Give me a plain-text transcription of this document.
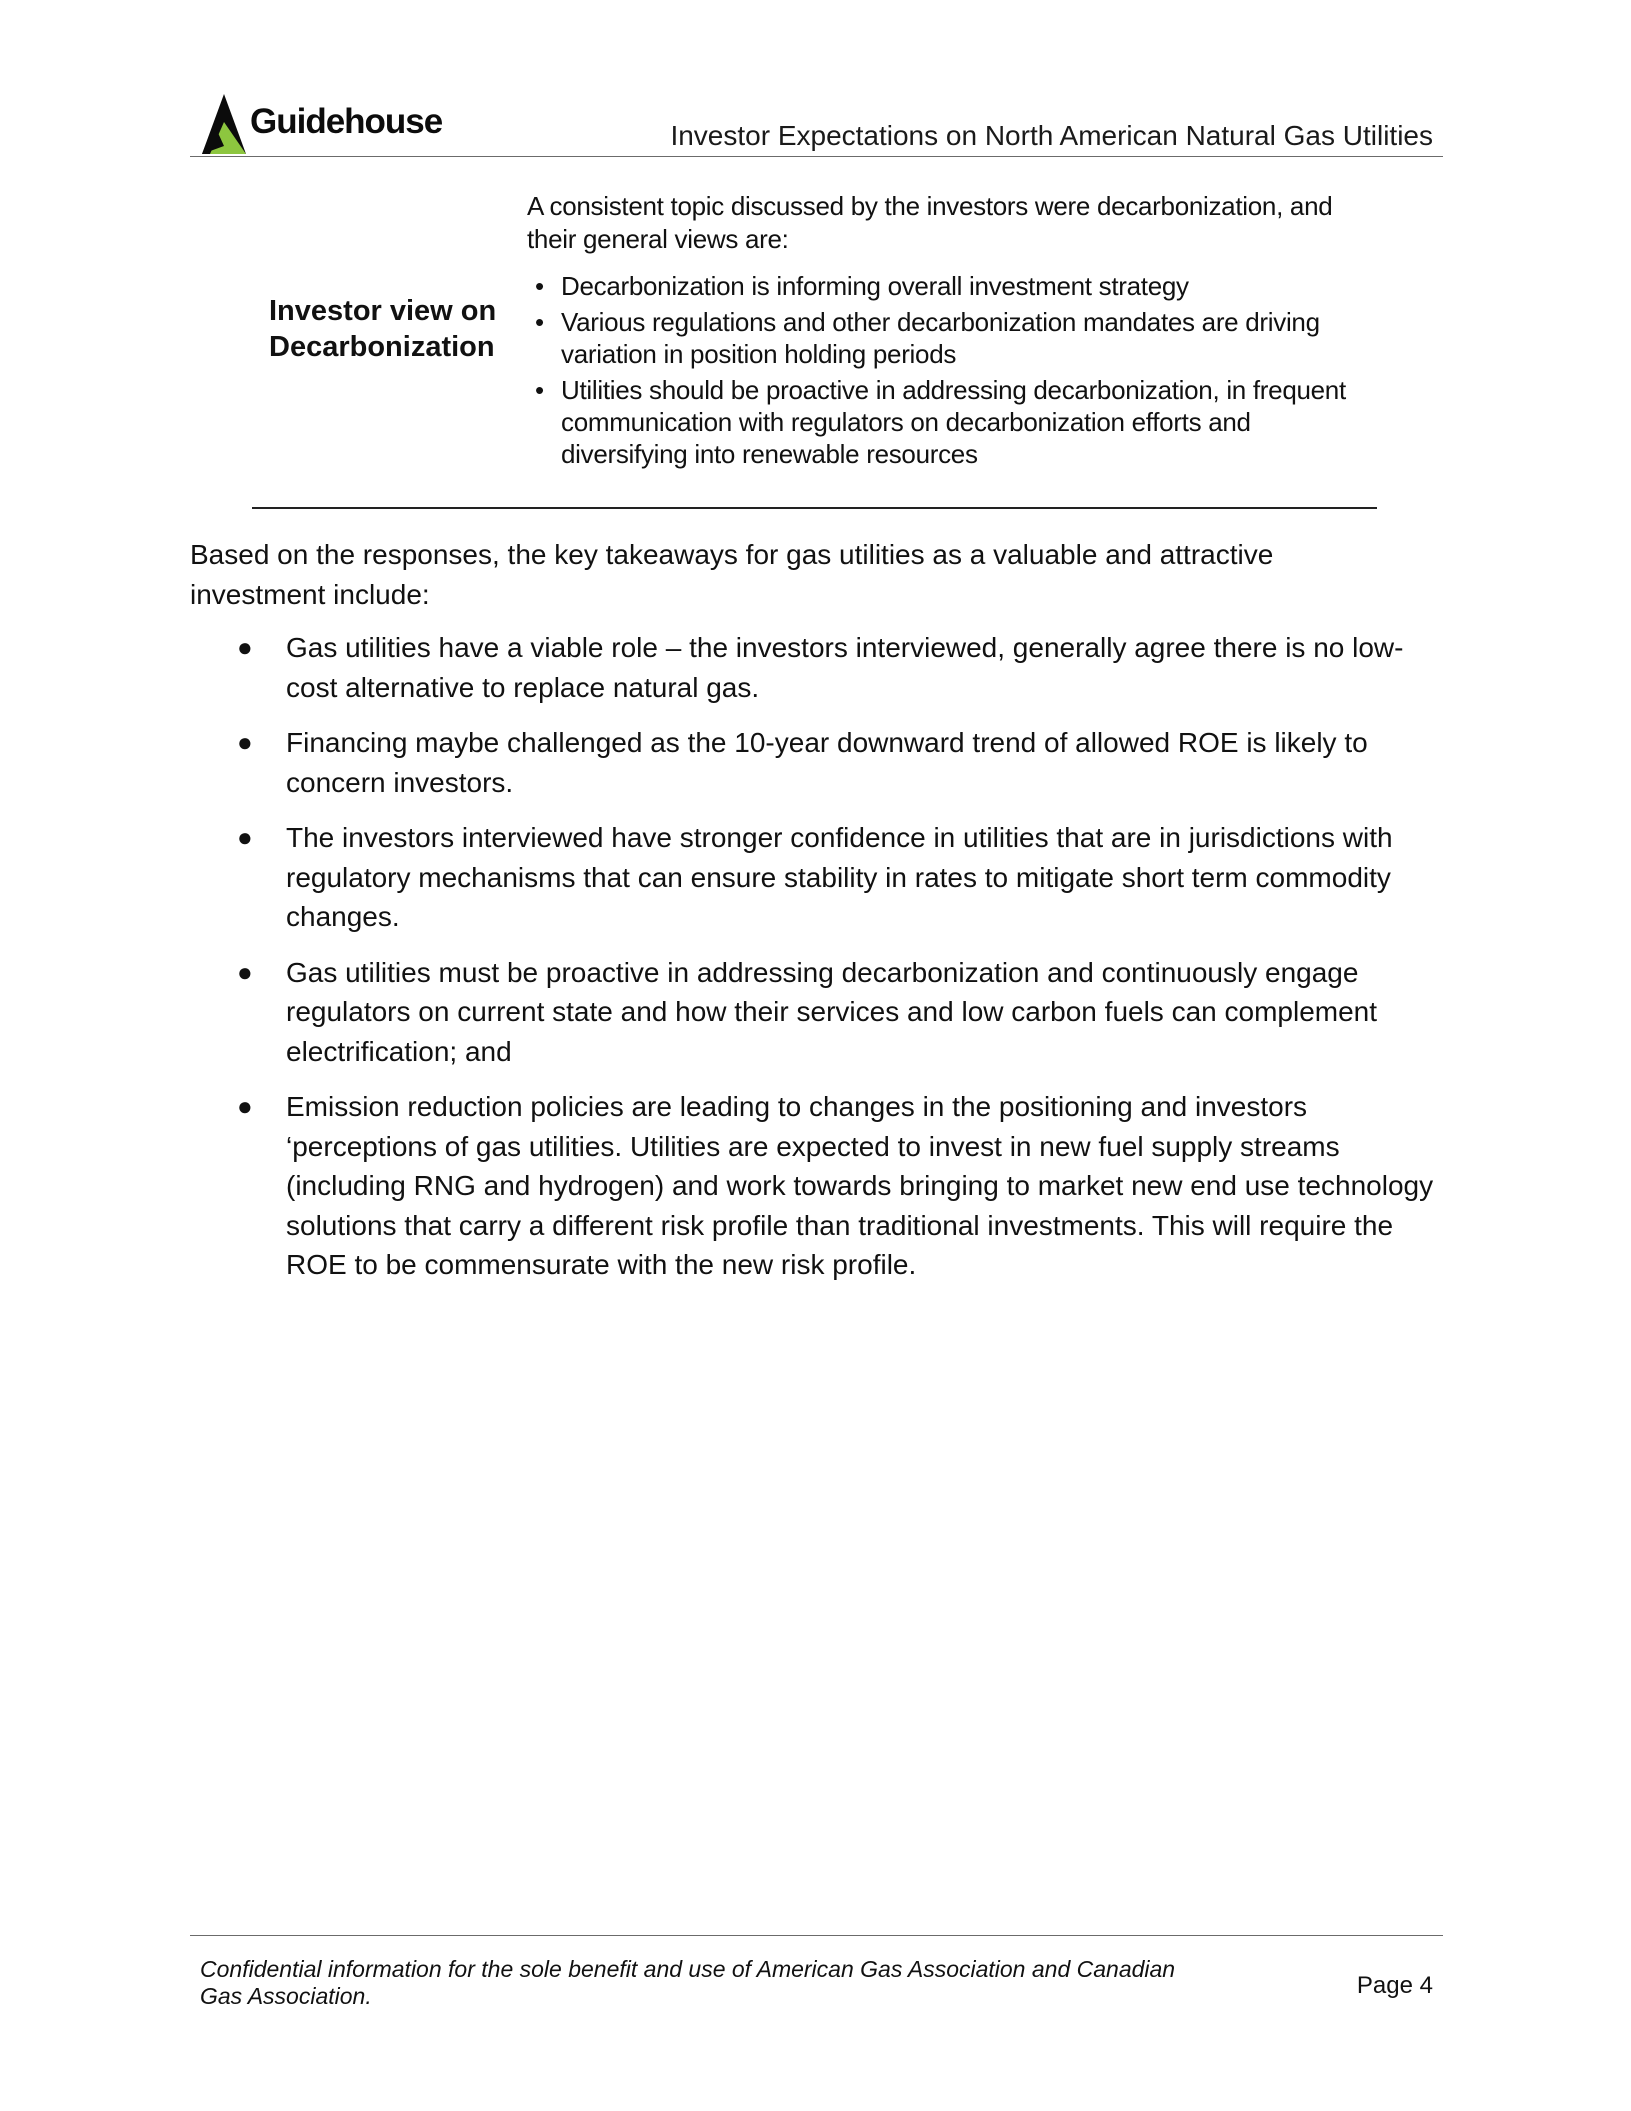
Guidehouse	Investor Expectations on North American Natural Gas Utilities
Investor view on Decarbonization

A consistent topic discussed by the investors were decarbonization, and their general views are:

• Decarbonization is informing overall investment strategy
• Various regulations and other decarbonization mandates are driving variation in position holding periods
• Utilities should be proactive in addressing decarbonization, in frequent communication with regulators on decarbonization efforts and diversifying into renewable resources

Based on the responses, the key takeaways for gas utilities as a valuable and attractive investment include:

● Gas utilities have a viable role – the investors interviewed, generally agree there is no low-cost alternative to replace natural gas.
● Financing maybe challenged as the 10-year downward trend of allowed ROE is likely to concern investors.
● The investors interviewed have stronger confidence in utilities that are in jurisdictions with regulatory mechanisms that can ensure stability in rates to mitigate short term commodity changes.
● Gas utilities must be proactive in addressing decarbonization and continuously engage regulators on current state and how their services and low carbon fuels can complement electrification; and
● Emission reduction policies are leading to changes in the positioning and investors ‘perceptions of gas utilities. Utilities are expected to invest in new fuel supply streams (including RNG and hydrogen) and work towards bringing to market new end use technology solutions that carry a different risk profile than traditional investments. This will require the ROE to be commensurate with the new risk profile.
Confidential information for the sole benefit and use of American Gas Association and Canadian Gas Association.	Page 4
